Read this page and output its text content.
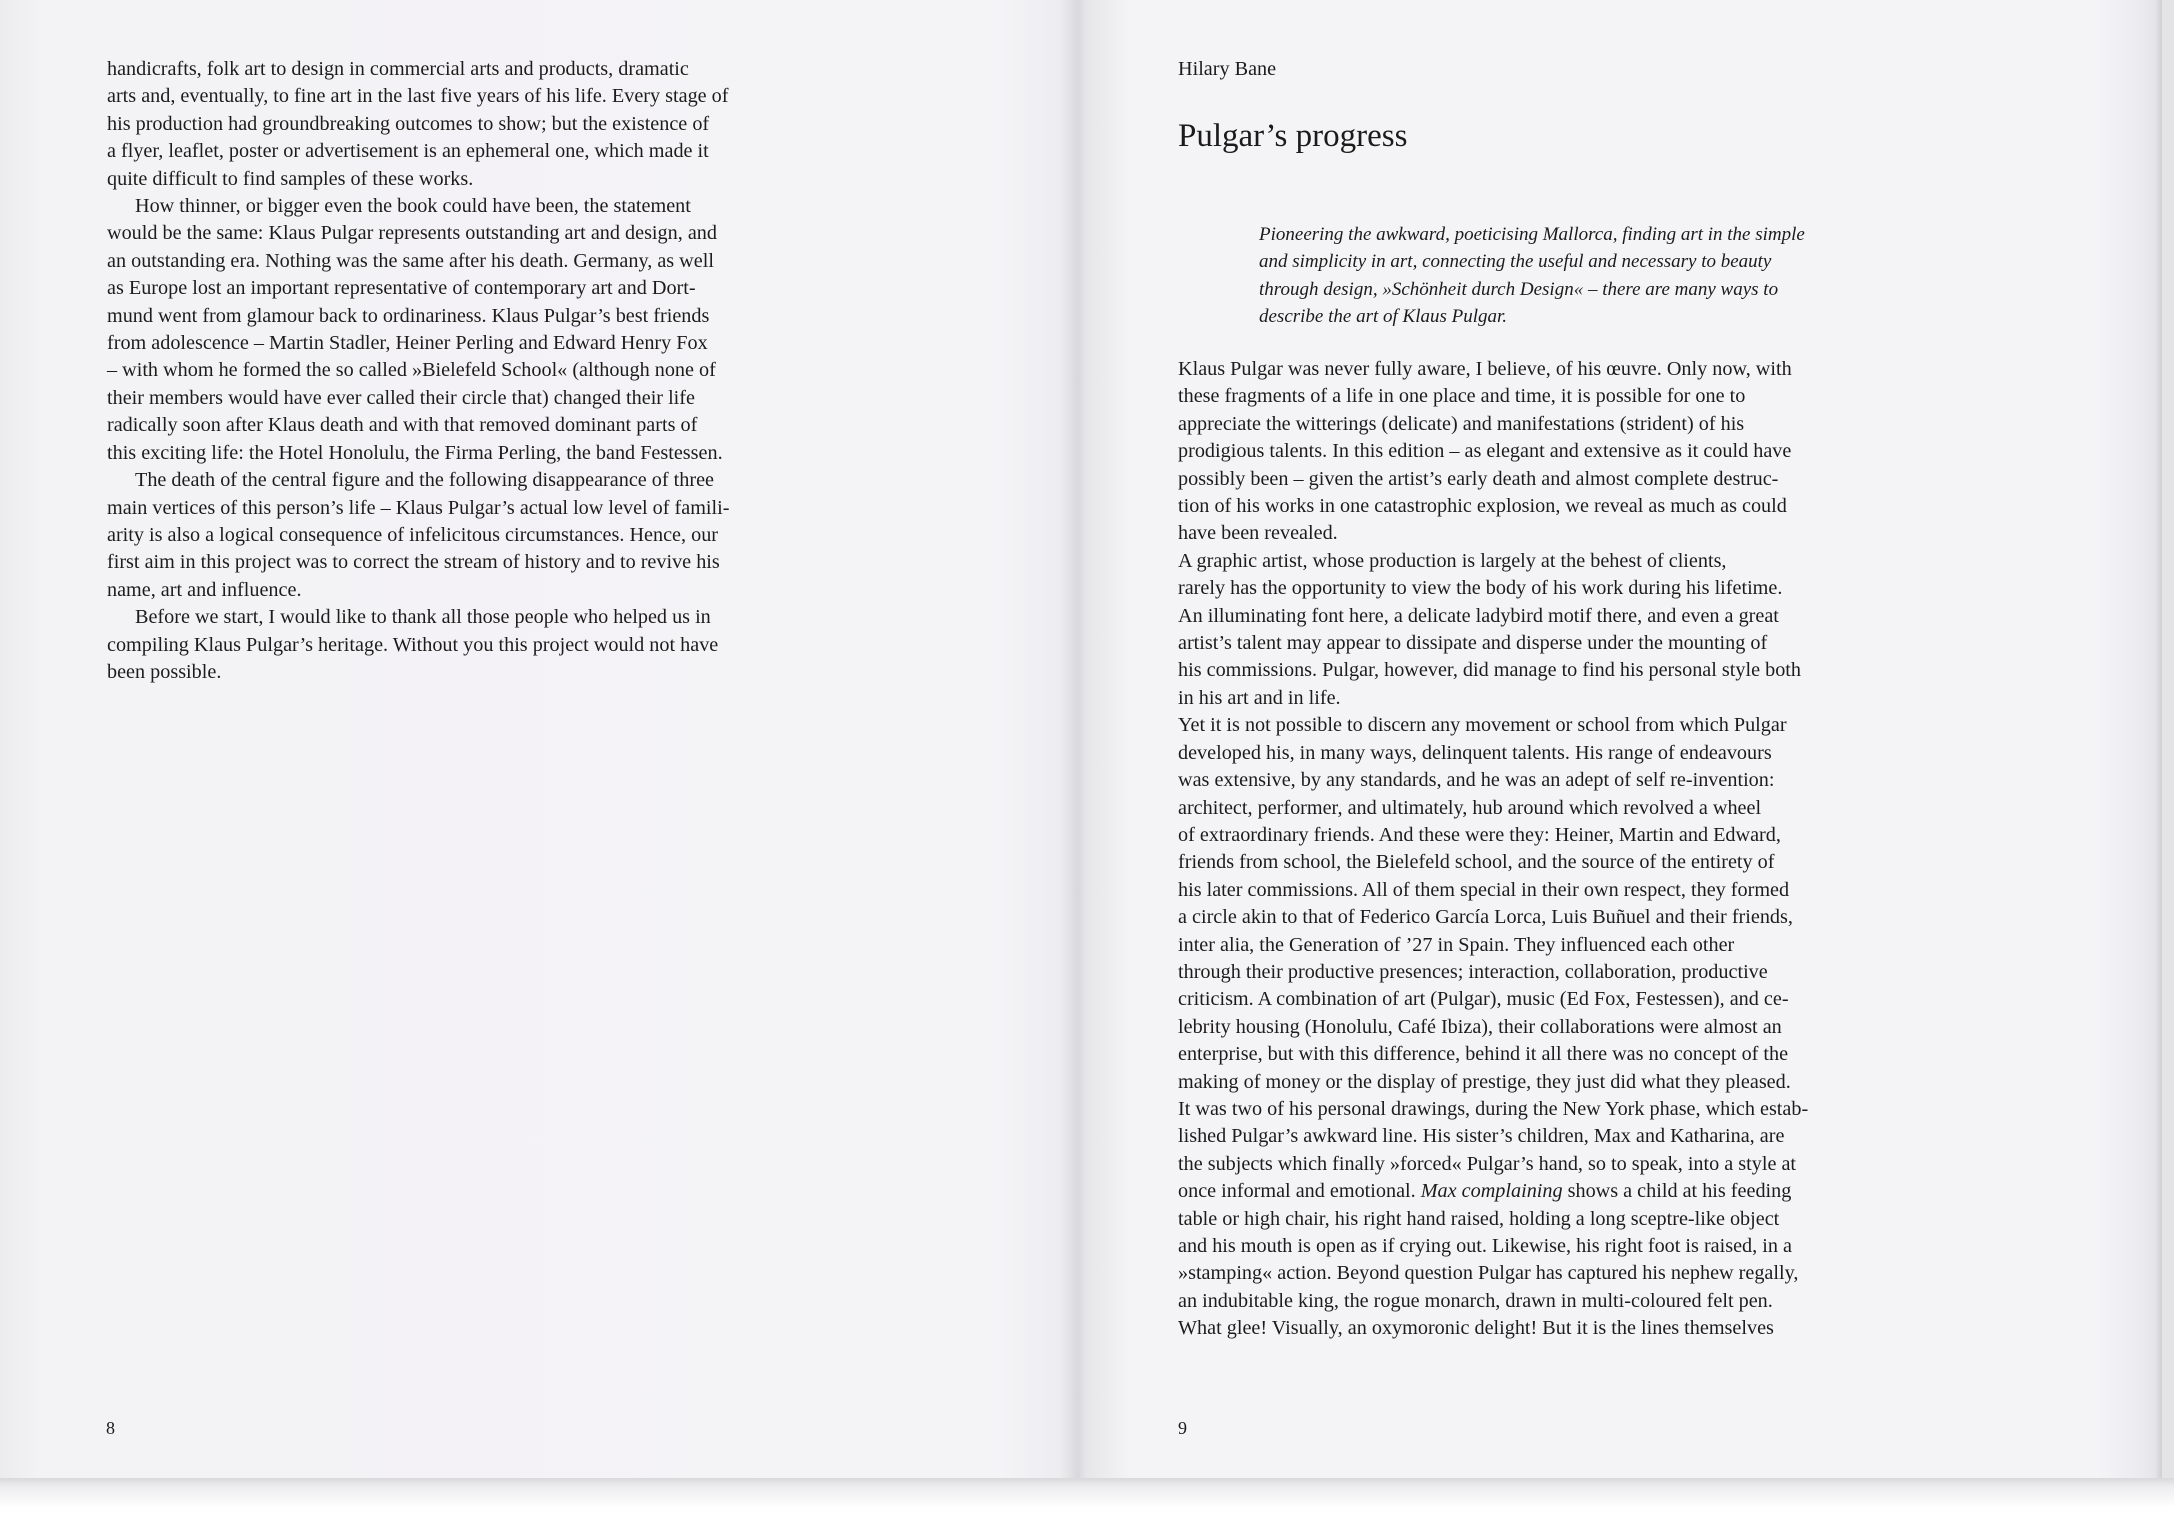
handicrafts, folk art to design in commercial arts and products, dramatic
arts and, eventually, to fine art in the last five years of his life. Every stage of
his production had groundbreaking outcomes to show; but the existence of
a flyer, leaflet, poster or advertisement is an ephemeral one, which made it
quite difficult to find samples of these works.

How thinner, or bigger even the book could have been, the statement
would be the same: Klaus Pulgar represents outstanding art and design, and
an outstanding era. Nothing was the same after his death. Germany, as well
as Europe lost an important representative of contemporary art and Dort-
mund went from glamour back to ordinariness. Klaus Pulgar’s best friends
from adolescence – Martin Stadler, Heiner Perling and Edward Henry Fox
– with whom he formed the so called »Bielefeld School« (although none of
their members would have ever called their circle that) changed their life
radically soon after Klaus death and with that removed dominant parts of
this exciting life: the Hotel Honolulu, the Firma Perling, the band Festessen.

The death of the central figure and the following disappearance of three
main vertices of this person’s life – Klaus Pulgar’s actual low level of famili-
arity is also a logical consequence of infelicitous circumstances. Hence, our
first aim in this project was to correct the stream of history and to revive his
name, art and influence.

Before we start, I would like to thank all those people who helped us in
compiling Klaus Pulgar’s heritage. Without you this project would not have
been possible.

8
Hilary Bane
Pulgar’s progress
Pioneering the awkward, poeticising Mallorca, finding art in the simple
and simplicity in art, connecting the useful and necessary to beauty
through design, »Schönheit durch Design« – there are many ways to
describe the art of Klaus Pulgar.

Klaus Pulgar was never fully aware, I believe, of his œuvre. Only now, with
these fragments of a life in one place and time, it is possible for one to
appreciate the witterings (delicate) and manifestations (strident) of his
prodigious talents. In this edition – as elegant and extensive as it could have
possibly been – given the artist’s early death and almost complete destruc-
tion of his works in one catastrophic explosion, we reveal as much as could
have been revealed.

A graphic artist, whose production is largely at the behest of clients,
rarely has the opportunity to view the body of his work during his lifetime.
An illuminating font here, a delicate ladybird motif there, and even a great
artist’s talent may appear to dissipate and disperse under the mounting of
his commissions. Pulgar, however, did manage to find his personal style both
in his art and in life.

Yet it is not possible to discern any movement or school from which Pulgar
developed his, in many ways, delinquent talents. His range of endeavours
was extensive, by any standards, and he was an adept of self re-invention:
architect, performer, and ultimately, hub around which revolved a wheel
of extraordinary friends. And these were they: Heiner, Martin and Edward,
friends from school, the Bielefeld school, and the source of the entirety of
his later commissions. All of them special in their own respect, they formed
a circle akin to that of Federico García Lorca, Luis Buñuel and their friends,
inter alia, the Generation of ’27 in Spain. They influenced each other
through their productive presences; interaction, collaboration, productive
criticism. A combination of art (Pulgar), music (Ed Fox, Festessen), and ce-
lebrity housing (Honolulu, Café Ibiza), their collaborations were almost an
enterprise, but with this difference, behind it all there was no concept of the
making of money or the display of prestige, they just did what they pleased.

It was two of his personal drawings, during the New York phase, which estab-
lished Pulgar’s awkward line. His sister’s children, Max and Katharina, are
the subjects which finally »forced« Pulgar’s hand, so to speak, into a style at
once informal and emotional. Max complaining shows a child at his feeding
table or high chair, his right hand raised, holding a long sceptre-like object
and his mouth is open as if crying out. Likewise, his right foot is raised, in a
»stamping« action. Beyond question Pulgar has captured his nephew regally,
an indubitable king, the rogue monarch, drawn in multi-coloured felt pen.
What glee! Visually, an oxymoronic delight! But it is the lines themselves

9
